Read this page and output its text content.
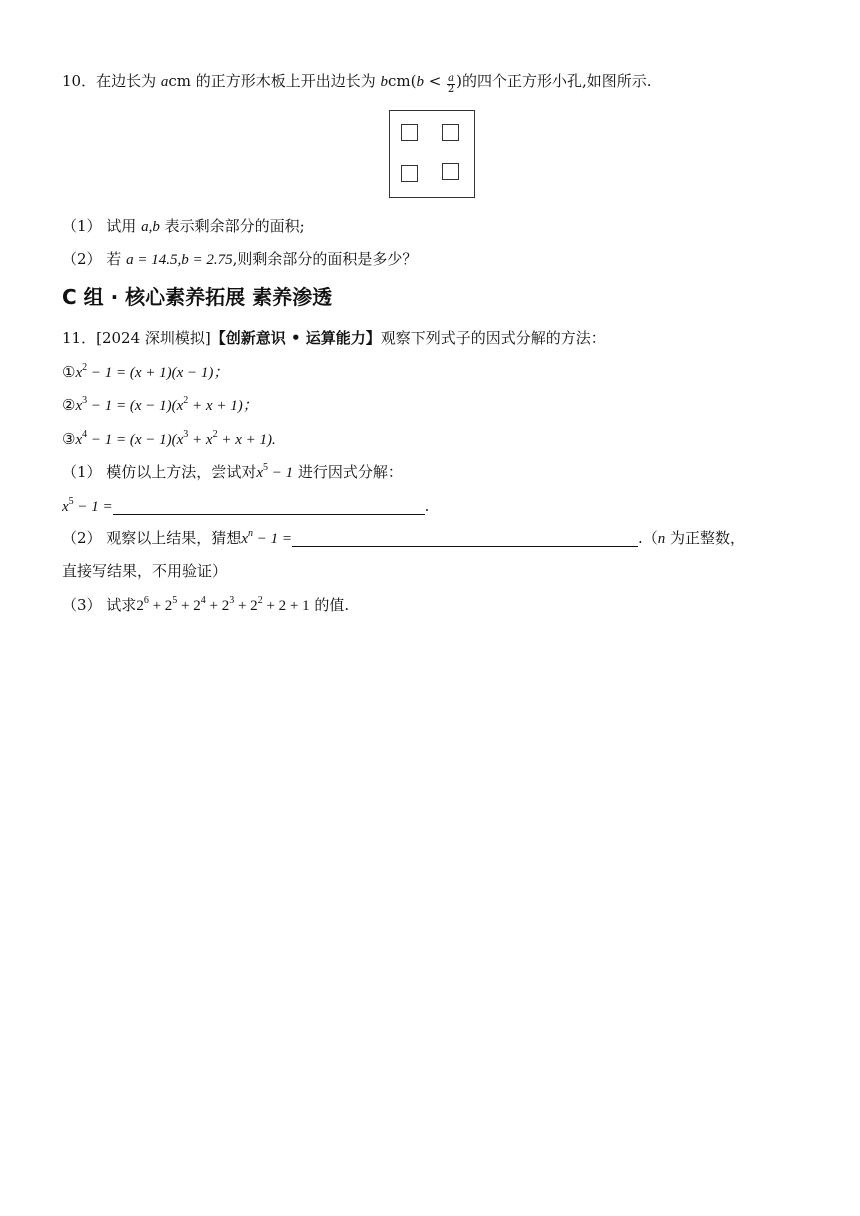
10．在边长为 acm 的正方形木板上开出边长为 $bcm(b < \frac{a}{2}$ )的四个正方形小孔,如图所示.
（1） 试用 a,b 表示剩余部分的面积;
（2） 若 a = 14.5,b = 2.75,则剩余部分的面积是多少？
C 组 · 核心素养拓展 素养渗透
11．[2024 深圳模拟]【创新意识 • 运算能力】观察下列式子的因式分解的方法：
$①x^2 - 1 = (x + 1)(x - 1)$；
$②x^3 - 1 = (x - 1)(x^2 + x + 1)$；
$③x^4 - 1 = (x - 1)(x^3 + x^2 + x + 1)$.
（1） 模仿以上方法，尝试对$x^5 - 1$ 进行因式分解：
$x^5 - 1$ =	.
（2） 观察以上结果，猜想$x^n - 1$ =	.（n 为正整数，
直接写结果，不用验证）
（3） 试求$2^6 + 2^5 + 2^4 + 2^3 + 2^2 + 2 + 1$ 的值.
